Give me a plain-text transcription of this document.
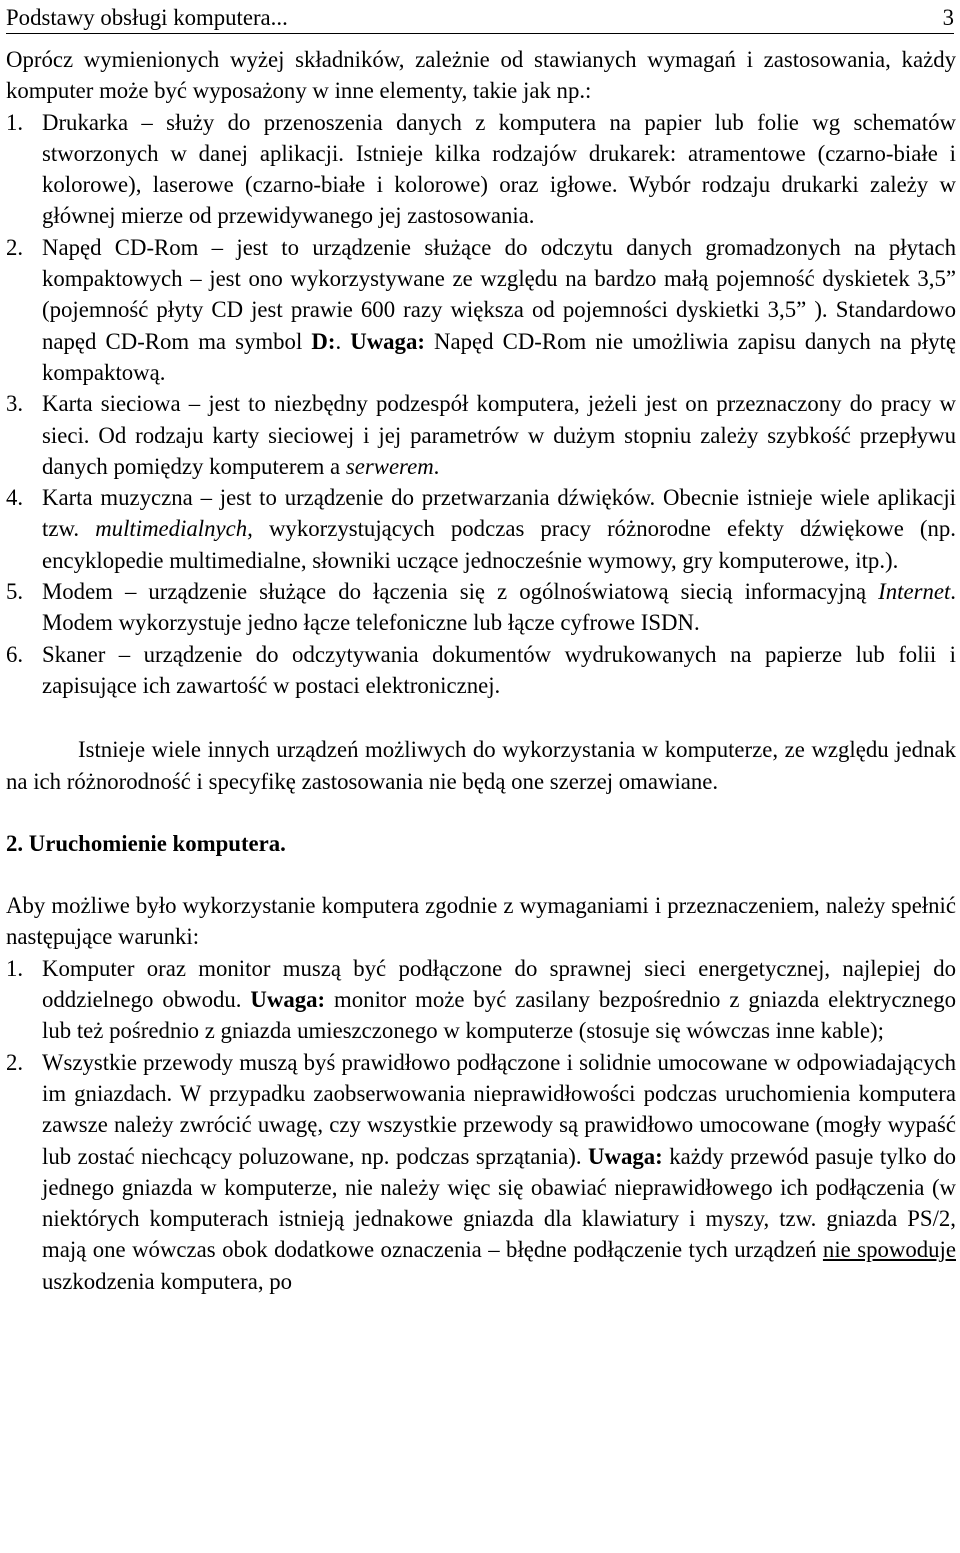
Podstawy obsługi komputera...	3

Oprócz wymienionych wyżej składników, zależnie od stawianych wymagań i zastosowania, każdy komputer może być wyposażony w inne elementy, takie jak np.:

1. Drukarka – służy do przenoszenia danych z komputera na papier lub folie wg schematów stworzonych w danej aplikacji. Istnieje kilka rodzajów drukarek: atramentowe (czarno-białe i kolorowe), laserowe (czarno-białe i kolorowe) oraz igłowe. Wybór rodzaju drukarki zależy w głównej mierze od przewidywanego jej zastosowania.
2. Napęd CD-Rom – jest to urządzenie służące do odczytu danych gromadzonych na płytach kompaktowych – jest ono wykorzystywane ze względu na bardzo małą pojemność dyskietek 3,5” (pojemność płyty CD jest prawie 600 razy większa od pojemności dyskietki 3,5” ). Standardowo napęd CD-Rom ma symbol D:. Uwaga: Napęd CD-Rom nie umożliwia zapisu danych na płytę kompaktową.
3. Karta sieciowa – jest to niezbędny podzespół komputera, jeżeli jest on przeznaczony do pracy w sieci. Od rodzaju karty sieciowej i jej parametrów w dużym stopniu zależy szybkość przepływu danych pomiędzy komputerem a serwerem.
4. Karta muzyczna – jest to urządzenie do przetwarzania dźwięków. Obecnie istnieje wiele aplikacji tzw. multimedialnych, wykorzystujących podczas pracy różnorodne efekty dźwiękowe (np. encyklopedie multimedialne, słowniki uczące jednocześnie wymowy, gry komputerowe, itp.).
5. Modem – urządzenie służące do łączenia się z ogólnoświatową siecią informacyjną Internet. Modem wykorzystuje jedno łącze telefoniczne lub łącze cyfrowe ISDN.
6. Skaner – urządzenie do odczytywania dokumentów wydrukowanych na papierze lub folii i zapisujące ich zawartość w postaci elektronicznej.

Istnieje wiele innych urządzeń możliwych do wykorzystania w komputerze, ze względu jednak na ich różnorodność i specyfikę zastosowania nie będą one szerzej omawiane.

2. Uruchomienie komputera.

Aby możliwe było wykorzystanie komputera zgodnie z wymaganiami i przeznaczeniem, należy spełnić następujące warunki:

1. Komputer oraz monitor muszą być podłączone do sprawnej sieci energetycznej, najlepiej do oddzielnego obwodu. Uwaga: monitor może być zasilany bezpośrednio z gniazda elektrycznego lub też pośrednio z gniazda umieszczonego w komputerze (stosuje się wówczas inne kable);
2. Wszystkie przewody muszą byś prawidłowo podłączone i solidnie umocowane w odpowiadających im gniazdach. W przypadku zaobserwowania nieprawidłowości podczas uruchomienia komputera zawsze należy zwrócić uwagę, czy wszystkie przewody są prawidłowo umocowane (mogły wypaść lub zostać niechcący poluzowane, np. podczas sprzątania). Uwaga: każdy przewód pasuje tylko do jednego gniazda w komputerze, nie należy więc się obawiać nieprawidłowego ich podłączenia (w niektórych komputerach istnieją jednakowe gniazda dla klawiatury i myszy, tzw. gniazda PS/2, mają one wówczas obok dodatkowe oznaczenia – błędne podłączenie tych urządzeń nie spowoduje uszkodzenia komputera, po
